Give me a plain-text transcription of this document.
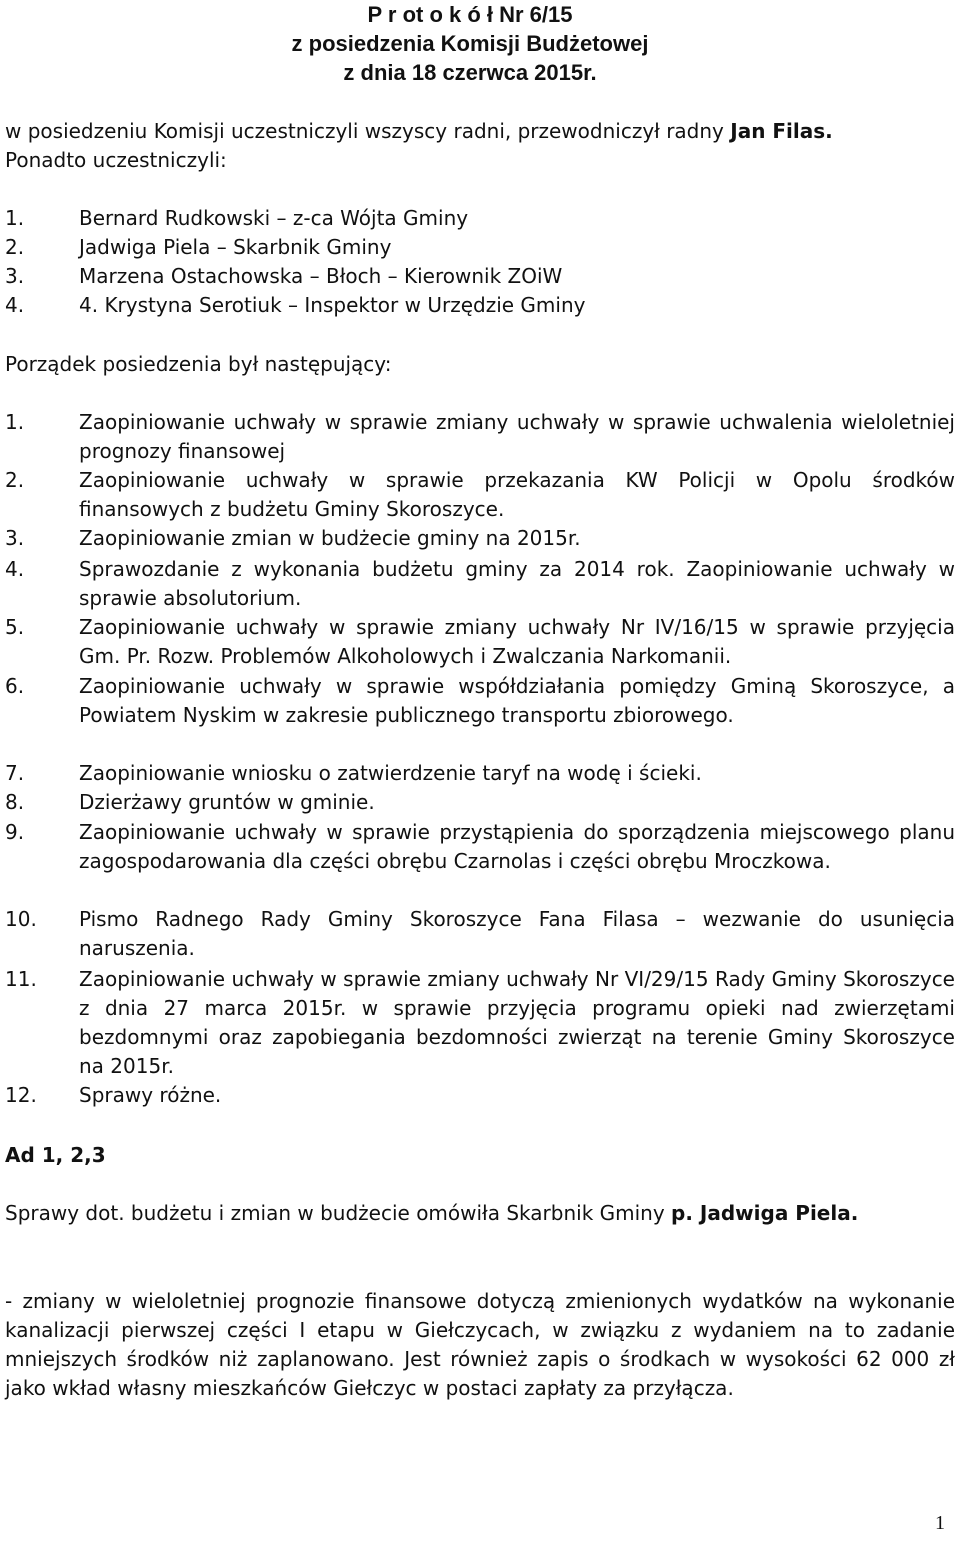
P r ot o k ó ł Nr 6/15
z posiedzenia Komisji Budżetowej
z dnia 18 czerwca 2015r.
w posiedzeniu Komisji uczestniczyli wszyscy radni, przewodniczył radny Jan Filas.
Ponadto uczestniczyli:
1.	Bernard Rudkowski – z-ca Wójta Gminy
2.	Jadwiga Piela – Skarbnik Gminy
3.	Marzena Ostachowska – Błoch – Kierownik ZOiW
4.	4. Krystyna Serotiuk – Inspektor w Urzędzie Gminy
Porządek posiedzenia był następujący:
1.	Zaopiniowanie uchwały w sprawie zmiany uchwały w sprawie uchwalenia wieloletniej prognozy finansowej
2.	Zaopiniowanie uchwały w sprawie przekazania KW Policji w Opolu środków finansowych z budżetu Gminy Skoroszyce.
3.	Zaopiniowanie zmian w budżecie gminy na 2015r.
4.	Sprawozdanie z wykonania budżetu gminy za 2014 rok. Zaopiniowanie uchwały w sprawie absolutorium.
5.	Zaopiniowanie uchwały w sprawie zmiany uchwały Nr IV/16/15 w sprawie przyjęcia Gm. Pr. Rozw. Problemów Alkoholowych i Zwalczania Narkomanii.
6.	Zaopiniowanie uchwały w sprawie współdziałania pomiędzy Gminą Skoroszyce, a Powiatem Nyskim w zakresie publicznego transportu zbiorowego.
7.	Zaopiniowanie wniosku o zatwierdzenie taryf na wodę i ścieki.
8.	Dzierżawy gruntów w gminie.
9.	Zaopiniowanie uchwały w sprawie przystąpienia do sporządzenia miejscowego planu zagospodarowania dla części obrębu Czarnolas i części obrębu Mroczkowa.
10. Pismo Radnego Rady Gminy Skoroszyce Fana Filasa – wezwanie do usunięcia naruszenia.
11. Zaopiniowanie uchwały w sprawie zmiany uchwały Nr VI/29/15 Rady Gminy Skoroszyce z dnia 27 marca 2015r. w sprawie przyjęcia programu opieki nad zwierzętami bezdomnymi oraz zapobiegania bezdomności zwierząt na terenie Gminy Skoroszyce na 2015r.
12. Sprawy różne.
Ad 1, 2,3
Sprawy dot. budżetu i zmian w budżecie omówiła Skarbnik Gminy p. Jadwiga Piela.
- zmiany w wieloletniej prognozie finansowe dotyczą zmienionych wydatków na wykonanie kanalizacji pierwszej części I etapu w Giełczycach, w związku z wydaniem na to zadanie mniejszych środków niż zaplanowano. Jest również zapis o środkach w wysokości 62 000 zł jako wkład własny mieszkańców Giełczyc w postaci zapłaty za przyłącza.
1
